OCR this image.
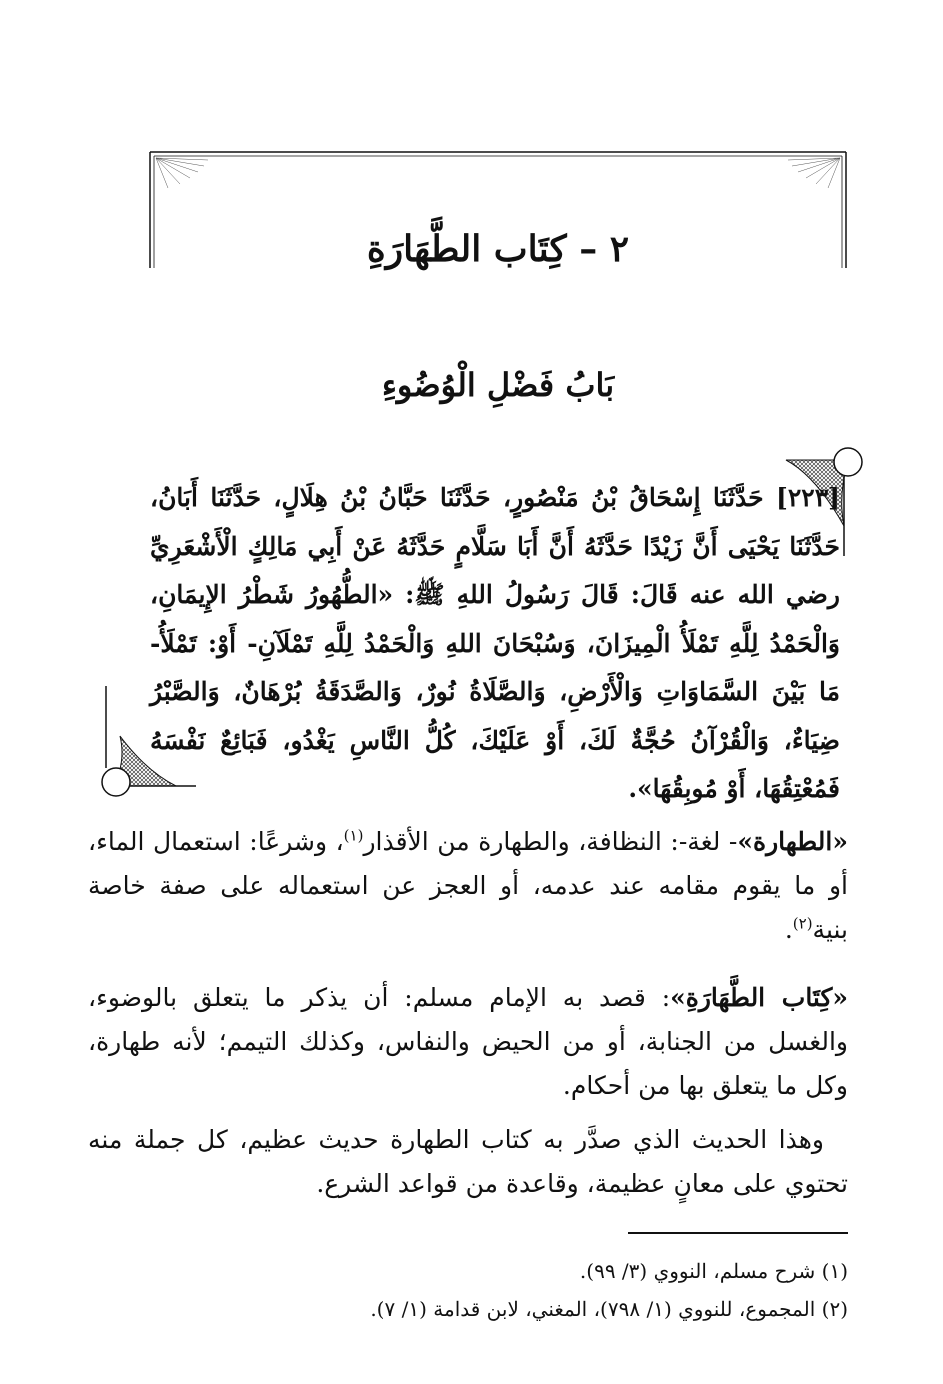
٢ – كِتَاب الطَّهَارَةِ
بَابُ فَضْلِ الْوُضُوءِ
[٢٢٣] حَدَّثَنَا إِسْحَاقُ بْنُ مَنْصُورٍ، حَدَّثَنَا حَبَّانُ بْنُ هِلَالٍ، حَدَّثَنَا أَبَانُ، حَدَّثَنَا يَحْيَى أَنَّ زَيْدًا حَدَّثَهُ أَنَّ أَبَا سَلَّامٍ حَدَّثَهُ عَنْ أَبِي مَالِكٍ الْأَشْعَرِيِّ رضي الله عنه قَالَ: قَالَ رَسُولُ اللهِ ﷺ: «الطُّهُورُ شَطْرُ الإِيمَانِ، وَالْحَمْدُ لِلَّهِ تَمْلَأُ الْمِيزَانَ، وَسُبْحَانَ اللهِ وَالْحَمْدُ لِلَّهِ تَمْلَآنِ- أَوْ: تَمْلَأُ- مَا بَيْنَ السَّمَاوَاتِ وَالْأَرْضِ، وَالصَّلَاةُ نُورٌ، وَالصَّدَقَةُ بُرْهَانٌ، وَالصَّبْرُ ضِيَاءٌ، وَالْقُرْآنُ حُجَّةٌ لَكَ، أَوْ عَلَيْكَ، كُلُّ النَّاسِ يَغْدُو، فَبَائِعٌ نَفْسَهُ فَمُعْتِقُهَا، أَوْ مُوبِقُهَا».

«الطهارة»- لغة-: النظافة، والطهارة من الأقذار$^{(١)}$، وشرعًا: استعمال الماء، أو ما يقوم مقامه عند عدمه، أو العجز عن استعماله على صفة خاصة بنية$^{(٢)}$.

«كِتَاب الطَّهَارَةِ»: قصد به الإمام مسلم: أن يذكر ما يتعلق بالوضوء، والغسل من الجنابة، أو من الحيض والنفاس، وكذلك التيمم؛ لأنه طهارة، وكل ما يتعلق بها من أحكام.

وهذا الحديث الذي صدَّر به كتاب الطهارة حديث عظيم، كل جملة منه تحتوي على معانٍ عظيمة، وقاعدة من قواعد الشرع.

(١) شرح مسلم، النووي (٣/ ٩٩).
(٢) المجموع، للنووي (١/ ٧٩٨)، المغني، لابن قدامة (١/ ٧).
